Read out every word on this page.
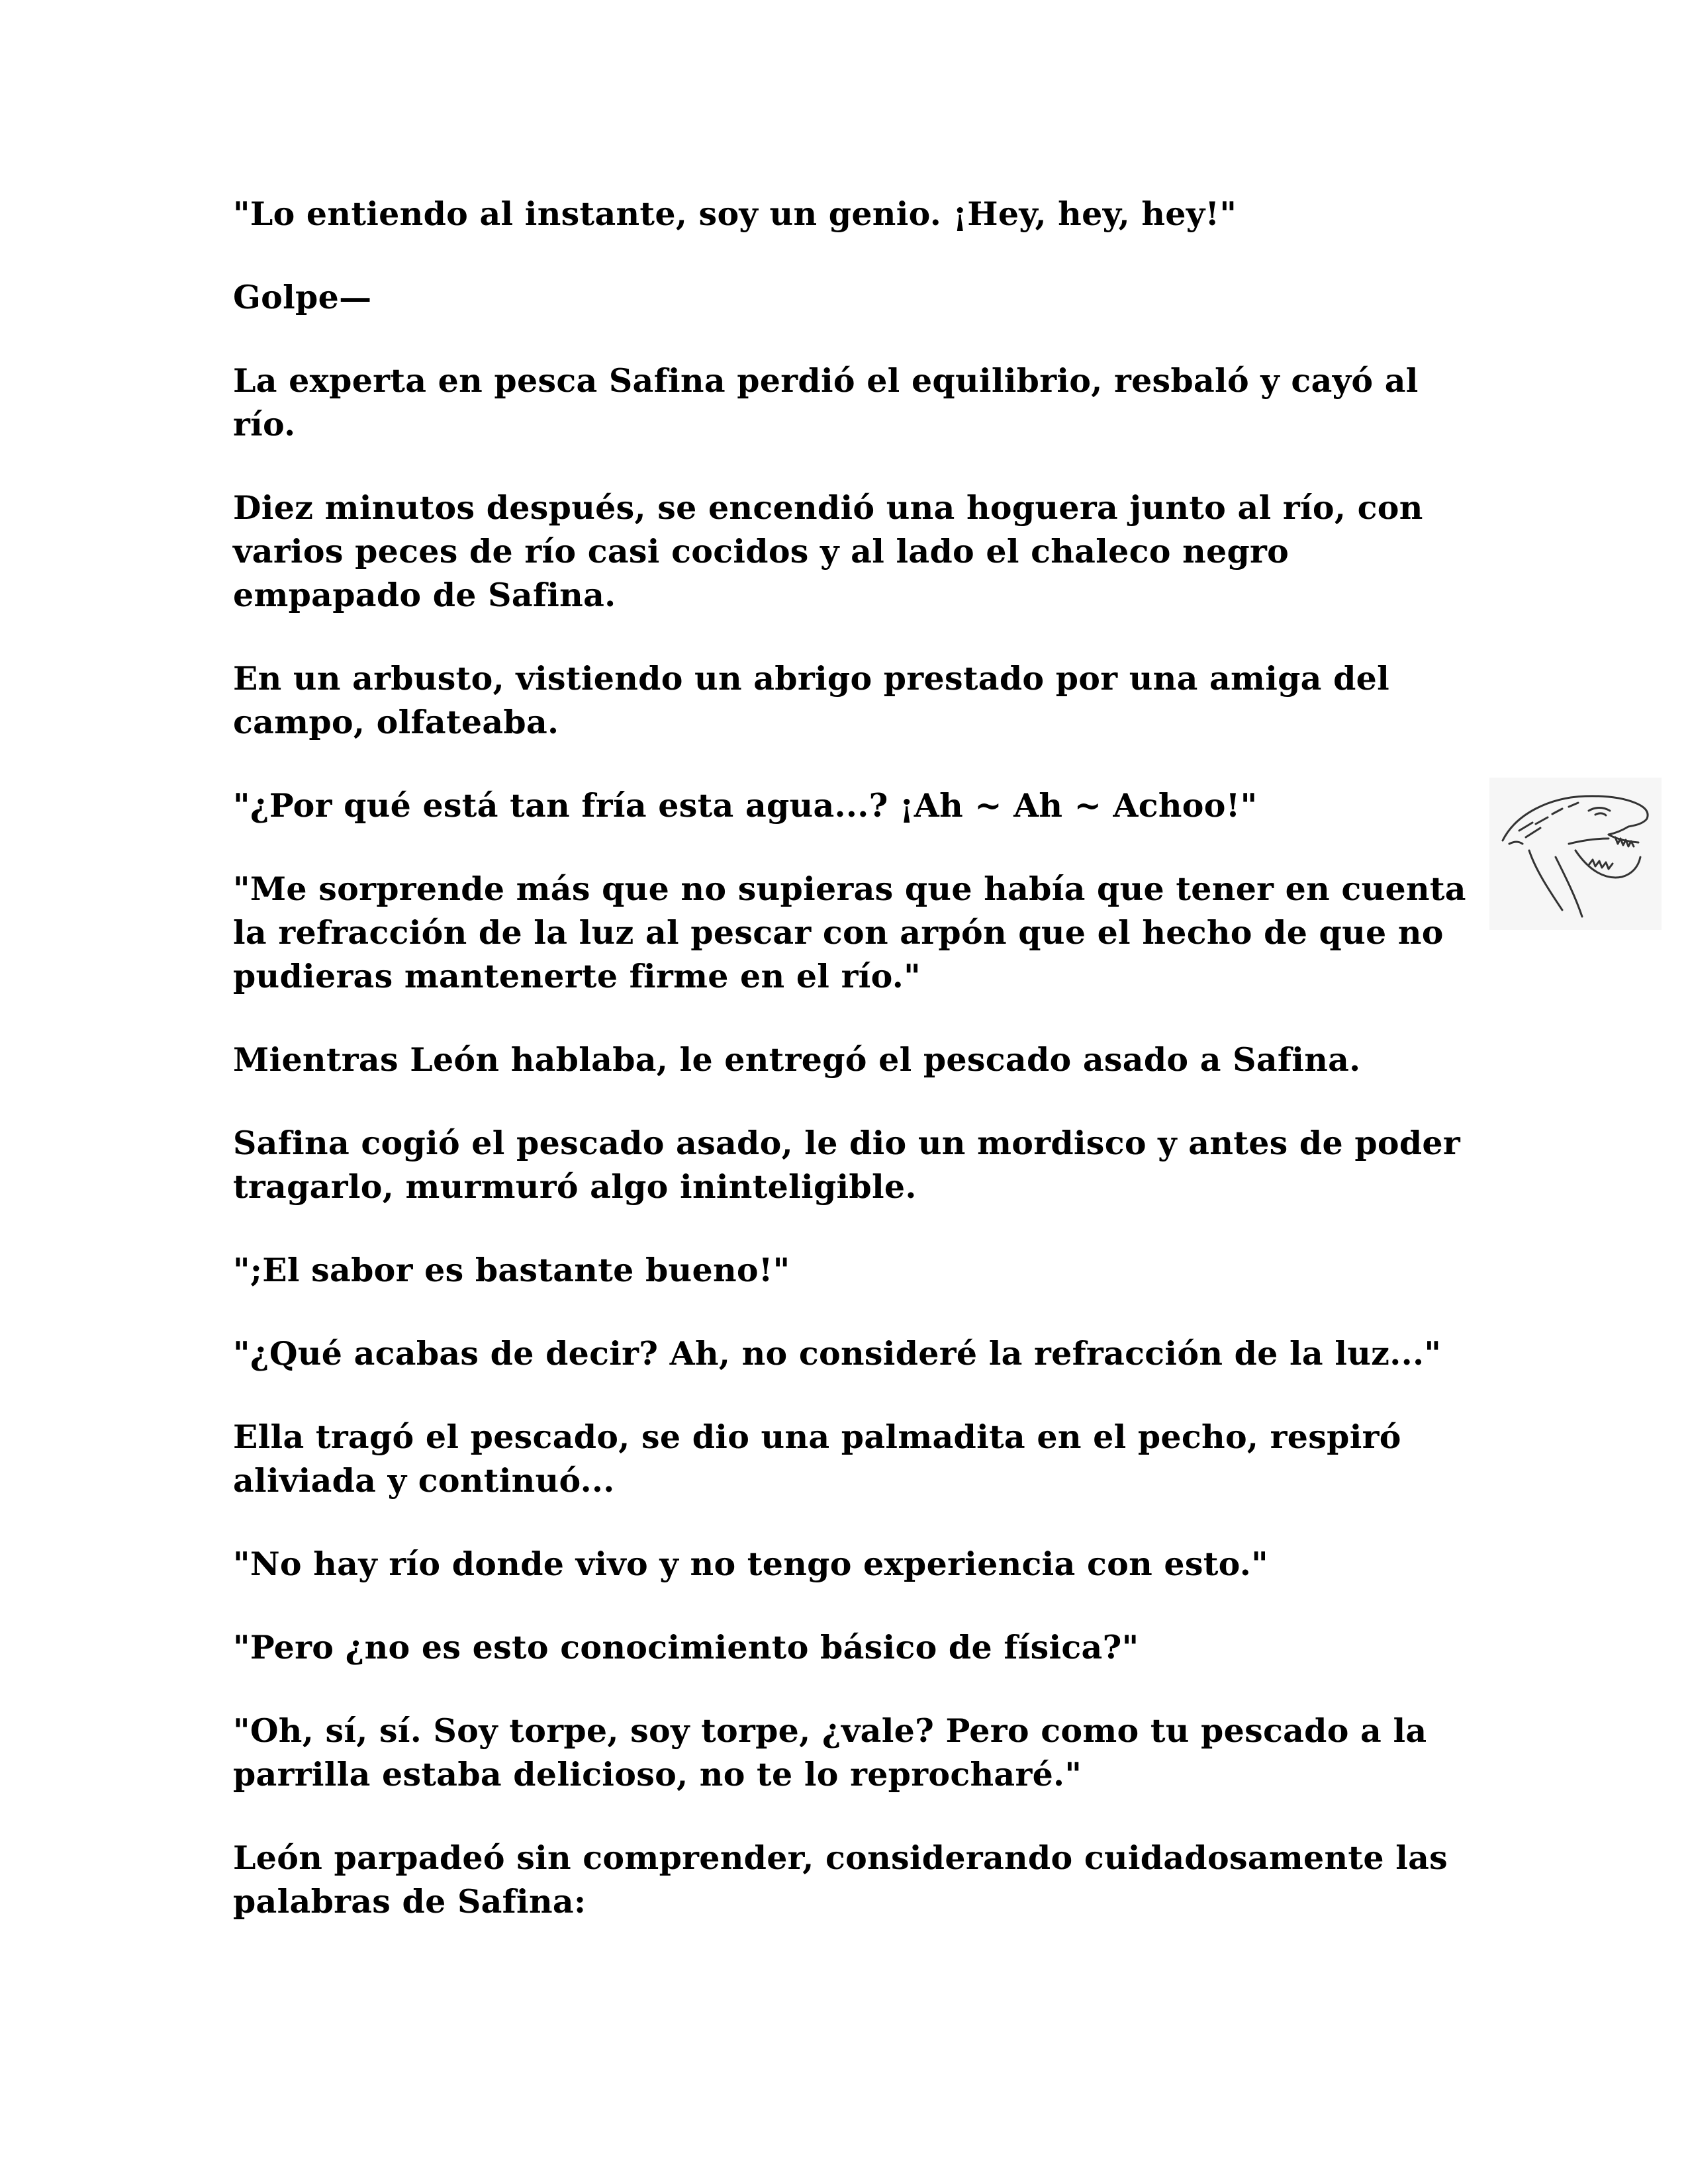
"Lo entiendo al instante, soy un genio. ¡Hey, hey, hey!"

Golpe—

La experta en pesca Safina perdió el equilibrio, resbaló y cayó al río.

Diez minutos después, se encendió una hoguera junto al río, con varios peces de río casi cocidos y al lado el chaleco negro empapado de Safina.

En un arbusto, vistiendo un abrigo prestado por una amiga del campo, olfateaba.

"¿Por qué está tan fría esta agua...? ¡Ah ~ Ah ~ Achoo!"

"Me sorprende más que no supieras que había que tener en cuenta la refracción de la luz al pescar con arpón que el hecho de que no pudieras mantenerte firme en el río."

Mientras León hablaba, le entregó el pescado asado a Safina.

Safina cogió el pescado asado, le dio un mordisco y antes de poder tragarlo, murmuró algo ininteligible.

";El sabor es bastante bueno!"

"¿Qué acabas de decir? Ah, no consideré la refracción de la luz..."

Ella tragó el pescado, se dio una palmadita en el pecho, respiró aliviada y continuó...

"No hay río donde vivo y no tengo experiencia con esto."

"Pero ¿no es esto conocimiento básico de física?"

"Oh, sí, sí. Soy torpe, soy torpe, ¿vale? Pero como tu pescado a la parrilla estaba delicioso, no te lo reprocharé."

León parpadeó sin comprender, considerando cuidadosamente las palabras de Safina:
